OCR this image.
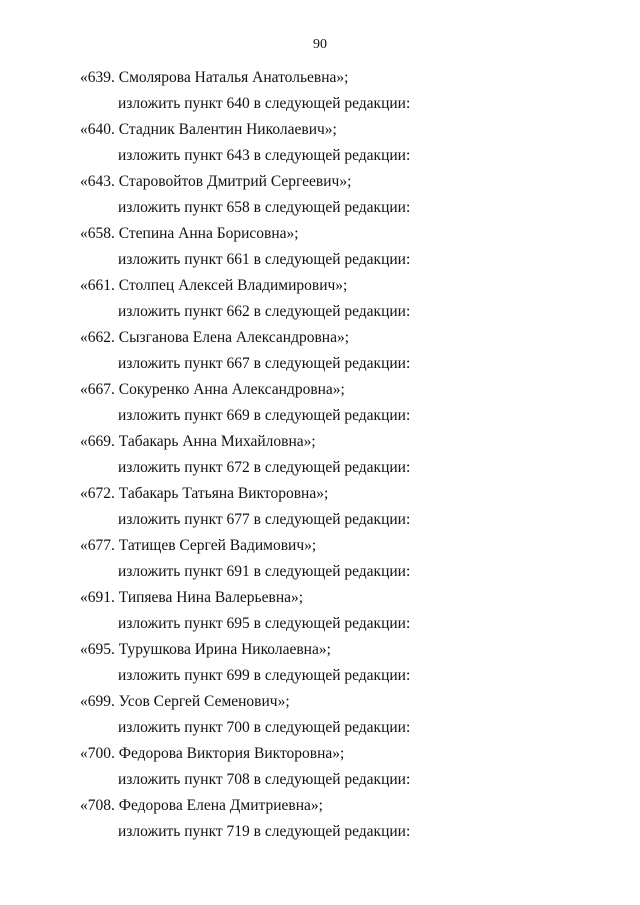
90
«639. Смолярова Наталья Анатольевна»;
изложить пункт 640 в следующей редакции:
«640. Стадник Валентин Николаевич»;
изложить пункт 643 в следующей редакции:
«643. Старовойтов Дмитрий Сергеевич»;
изложить пункт 658 в следующей редакции:
«658. Степина Анна Борисовна»;
изложить пункт 661 в следующей редакции:
«661. Столпец Алексей Владимирович»;
изложить пункт 662 в следующей редакции:
«662. Сызганова Елена Александровна»;
изложить пункт 667 в следующей редакции:
«667. Сокуренко Анна Александровна»;
изложить пункт 669 в следующей редакции:
«669. Табакарь Анна Михайловна»;
изложить пункт 672 в следующей редакции:
«672. Табакарь Татьяна Викторовна»;
изложить пункт 677 в следующей редакции:
«677. Татищев Сергей Вадимович»;
изложить пункт 691 в следующей редакции:
«691. Типяева Нина Валерьевна»;
изложить пункт 695 в следующей редакции:
«695. Турушкова Ирина Николаевна»;
изложить пункт 699 в следующей редакции:
«699. Усов Сергей Семенович»;
изложить пункт 700 в следующей редакции:
«700. Федорова Виктория Викторовна»;
изложить пункт 708 в следующей редакции:
«708. Федорова Елена Дмитриевна»;
изложить пункт 719 в следующей редакции:
